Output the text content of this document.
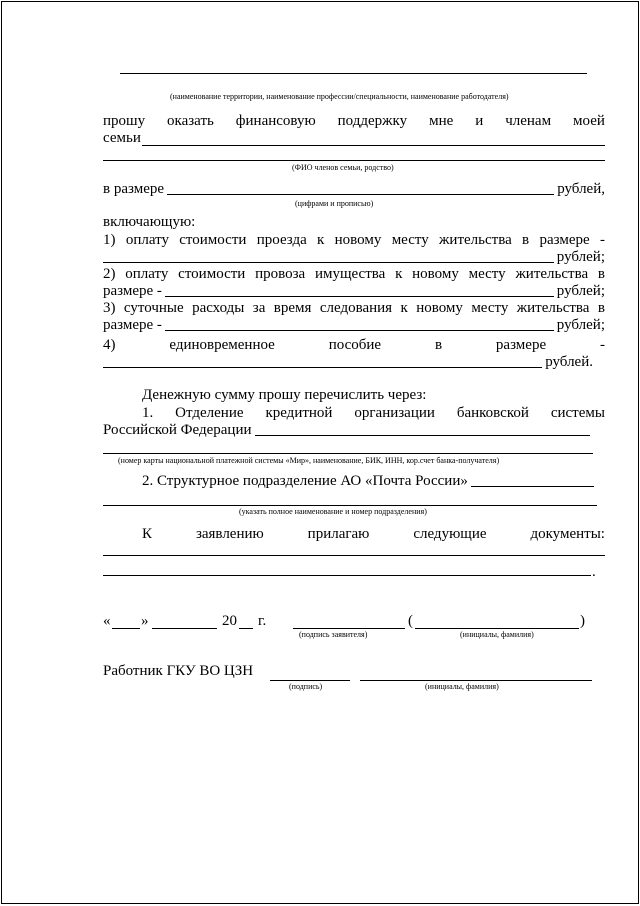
(наименование территории, наименование профессии/специальности, наименование работодателя)
прошу оказать финансовую поддержку мне и членам моей
семьи
(ФИО членов семьи, родство)
в размере	рублей,
(цифрами и прописью)
включающую:
1) оплату стоимости проезда к новому месту жительства в размере -
рублей;
2) оплату стоимости провоза имущества к новому месту жительства в
размере -	рублей;
3) суточные расходы за время следования к новому месту жительства в
размере -	рублей;
4)	единовременное	пособие	в	размере	-
рублей.
Денежную сумму прошу перечислить через:
1. Отделение кредитной организации банковской системы
Российской Федерации
(номер карты национальной платежной системы «Мир», наименование, БИК, ИНН, кор.счет банка-получателя)
2. Структурное подразделение АО «Почта России»
(указать полное наименование и номер подразделения)
К	заявлению	прилагаю	следующие	документы:
.
« »	20 г.
(подпись заявителя)
(	)
(инициалы, фамилия)
Работник ГКУ ВО ЦЗН
(подпись)	(инициалы, фамилия)
